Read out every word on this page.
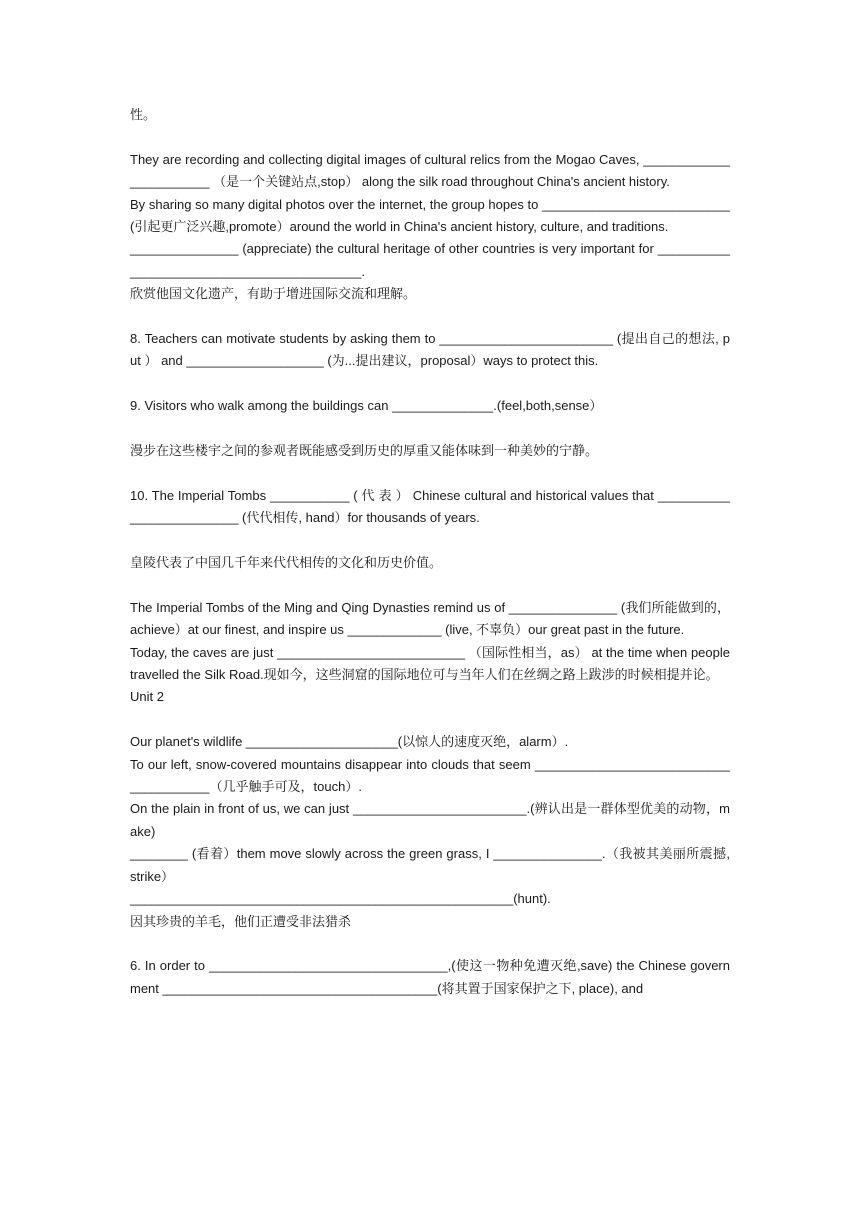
性。

They are recording and collecting digital images of cultural relics from the Mogao Caves, _______________________ （是一个关键站点,stop） along the silk road throughout China's ancient history.

By sharing so many digital photos over the internet, the group hopes to __________________________(引起更广泛兴趣,promote）around the world in China's ancient history, culture, and traditions.

_______________ (appreciate) the cultural heritage of other countries is very important for __________________________________________.

欣赏他国文化遗产，有助于增进国际交流和理解。

8. Teachers can motivate students by asking them to ________________________ (提出自己的想法, put ） and ___________________ (为...提出建议，proposal）ways to protect this.

9. Visitors who walk among the buildings can ______________.(feel,both,sense）

漫步在这些楼宇之间的参观者既能感受到历史的厚重又能体味到一种美妙的宁静。

10. The Imperial Tombs ___________ ( 代 表 ） Chinese cultural and historical values that _________________________ (代代相传, hand）for thousands of years.

皇陵代表了中国几千年来代代相传的文化和历史价值。

The Imperial Tombs of the Ming and Qing Dynasties remind us of _______________ (我们所能做到的，achieve）at our finest, and inspire us _____________ (live, 不辜负）our great past in the future.

Today, the caves are just __________________________ （国际性相当，as） at the time when people travelled the Silk Road.现如今，这些洞窟的国际地位可与当年人们在丝绸之路上跋涉的时候相提并论。

Unit 2

Our planet's wildlife _____________________(以惊人的速度灭绝，alarm）.

To our left, snow-covered mountains disappear into clouds that seem ______________________________________（几乎触手可及，touch）.

On the plain in front of us, we can just ________________________.(辨认出是一群体型优美的动物，make)

________ (看着）them move slowly across the green grass, I _______________.（我被其美丽所震撼, strike）

_____________________________________________________(hunt).

因其珍贵的羊毛，他们正遭受非法猎杀

6. In order to _________________________________,(使这一物种免遭灭绝,save) the Chinese government ______________________________________(将其置于国家保护之下, place), and
